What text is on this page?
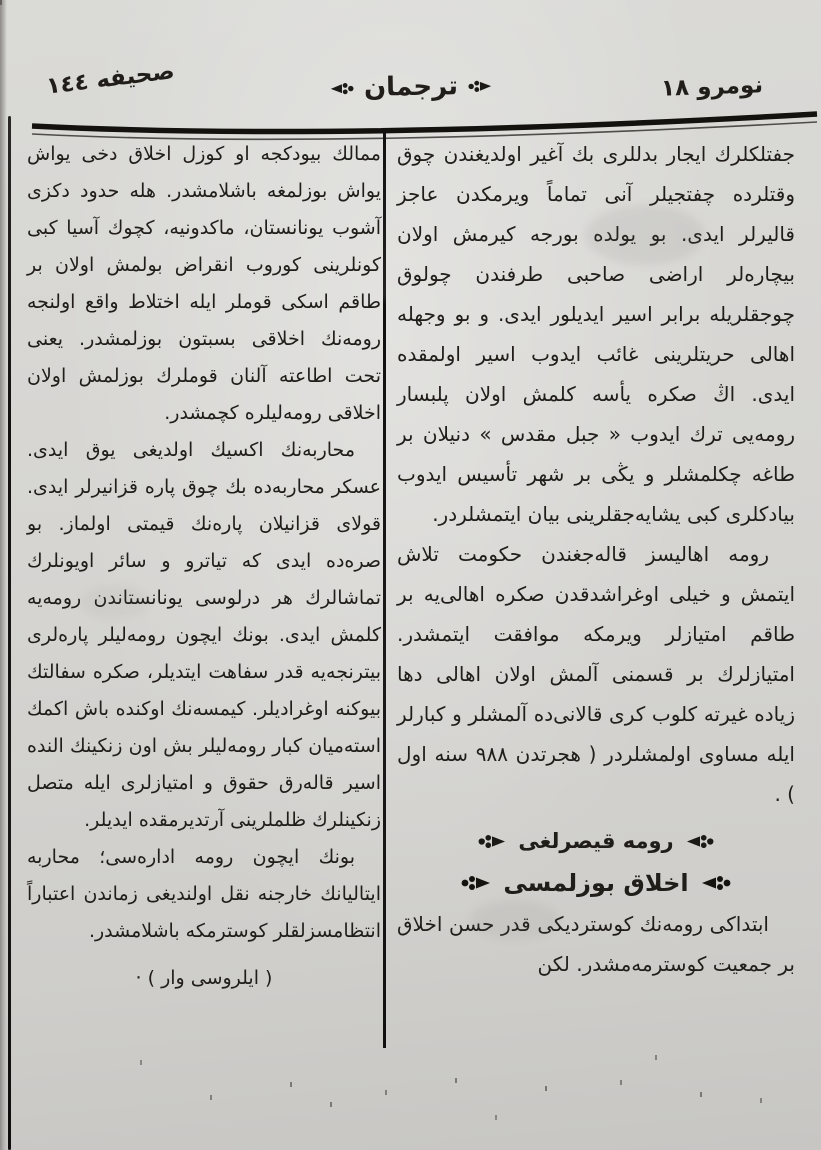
نومرو ١٨
ترجمان
صحيفه ١٤٤

جفتلكلرك ايجار بدللرى بك آغير اولديغندن چوق وقتلرده چفتجيلر آنى تماماً ويرمكدن عاجز قاليرلر ايدى. بو يولده بورجه كيرمش اولان بيچاره‌لر اراضى صاحبى طرفندن چولوق چوجقلريله برابر اسير ايديلور ايدى. و بو وجهله اهالى حريتلرينى غائب ايدوب اسير اولمقده ايدى. اڭ صكره يأسه كلمش اولان پلبسار رومه‌يى ترك ايدوب « جبل مقدس » دنيلان بر طاغه چكلمشلر و يڭى بر شهر تأسيس ايدوب بيادكلرى كبى يشايه‌جقلرينى بيان ايتمشلردر.

رومه اهاليسز قاله‌جغندن حكومت تلاش ايتمش و خيلى اوغراشدقدن صكره اهالى‌يه بر طاقم امتيازلر ويرمكه موافقت ايتمشدر. امتيازلرك بر قسمنى آلمش اولان اهالى دها زياده غيرته كلوب كرى قالانى‌ده آلمشلر و كبارلر ايله مساوى اولمشلردر ( هجرتدن ٩٨٨ سنه اول ) .

رومه قيصرلغى
اخلاق بوزلمسى

ابتداكى رومه‌نك كوسترديكى قدر حسن اخلاق بر جمعيت كوسترمه‌مشدر. لكن

ممالك بيودكجه او كوزل اخلاق دخى يواش يواش بوزلمغه باشلامشدر. هله حدود دكزى آشوب يونانستان، ماكدونيه، كچوك آسيا كبى كونلرينى كوروب انقراض بولمش اولان بر طاقم اسكى قوملر ايله اختلاط واقع اولنجه رومه‌نك اخلاقى بسبتون بوزلمشدر. يعنى تحت اطاعته آلنان قوملرك بوزلمش اولان اخلاقى رومه‌ليلره كچمشدر.

محاربه‌نك اكسيك اولديغى يوق ايدى. عسكر محاربه‌ده بك چوق پاره قزانيرلر ايدى. قولاى قزانيلان پاره‌نك قيمتى اولماز. بو صره‌ده ايدى كه تياترو و سائر اويونلرك تماشالرك هر درلوسى يونانستاندن رومه‌يه كلمش ايدى. بونك ايچون رومه‌ليلر پاره‌لرى بيترنجه‌يه قدر سفاهت ايتديلر، صكره سفالتك بيوكنه اوغراديلر. كيمسه‌نك اوكنده باش اكمك استه‌ميان كبار رومه‌ليلر بش اون زنكينك النده اسير قاله‌رق حقوق و امتيازلرى ايله متصل زنكينلرك ظلملرينى آرتديرمقده ايديلر.

بونك ايچون رومه اداره‌سى؛ محاربه ايتاليانك خارجنه نقل اولنديغى زماندن اعتباراً انتظامسزلقلر كوسترمكه باشلامشدر.

( ايلروسى وار ) ·
